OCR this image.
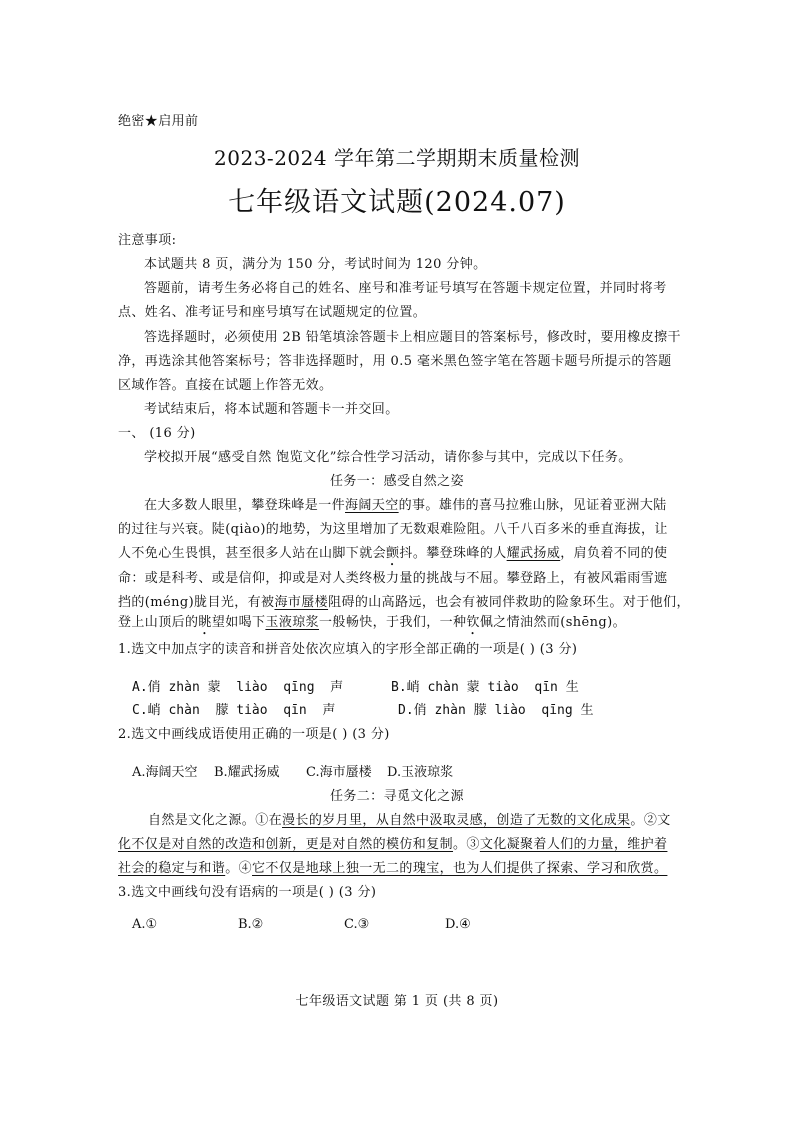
绝密★启用前
2023-2024 学年第二学期期末质量检测
七年级语文试题(2024.07)
注意事项:
本试题共 8 页，满分为 150 分，考试时间为 120 分钟。
答题前，请考生务必将自己的姓名、座号和准考证号填写在答题卡规定位置，并同时将考
点、姓名、准考证号和座号填写在试题规定的位置。
答选择题时，必须使用 2B 铅笔填涂答题卡上相应题目的答案标号，修改时，要用橡皮擦干
净，再选涂其他答案标号；答非选择题时，用 0.5 毫米黑色签字笔在答题卡题号所提示的答题
区域作答。直接在试题上作答无效。
考试结束后，将本试题和答题卡一并交回。
一、 (16 分)
学校拟开展“感受自然 饱览文化”综合性学习活动，请你参与其中，完成以下任务。
任务一：感受自然之姿
在大多数人眼里，攀登珠峰是一件海阔天空的事。雄伟的喜马拉雅山脉，见证着亚洲大陆
的过往与兴衰。陡(qiào)的地势，为这里增加了无数艰难险阻。八千八百多米的垂直海拔，让
人不免心生畏惧，甚至很多人站在山脚下就会颤抖。攀登珠峰的人耀武扬威，肩负着不同的使
命：或是科考、或是信仰，抑或是对人类终极力量的挑战与不屈。攀登路上，有被风霜雨雪遮
挡的(méng)胧目光，有被海市蜃楼阻碍的山高路远，也会有被同伴救助的险象环生。对于他们，
登上山顶后的眺望如喝下玉液琼浆一般畅快，于我们，一种钦佩之情油然而(shēng)。
1.选文中加点字的读音和拼音处依次应填入的字形全部正确的一项是( ) (3 分)
A.俏 zhàn 蒙  liào  qīng  声	B.峭 chàn 蒙 tiào  qīn 生
C.峭 chàn  朦 tiào  qīn  声	D.俏 zhàn 朦 liào  qīng 生
2.选文中画线成语使用正确的一项是( ) (3 分)
A.海阔天空 B.耀武扬威 C.海市蜃楼 D.玉液琼浆
任务二：寻觅文化之源
自然是文化之源。①在漫长的岁月里，从自然中汲取灵感，创造了无数的文化成果。②文
化不仅是对自然的改造和创新，更是对自然的模仿和复制。③文化凝聚着人们的力量，维护着
社会的稳定与和谐。④它不仅是地球上独一无二的瑰宝，也为人们提供了探索、学习和欣赏。
3.选文中画线句没有语病的一项是( ) (3 分)
A.①	B.②	C.③	D.④
七年级语文试题 第 1 页 (共 8 页)
